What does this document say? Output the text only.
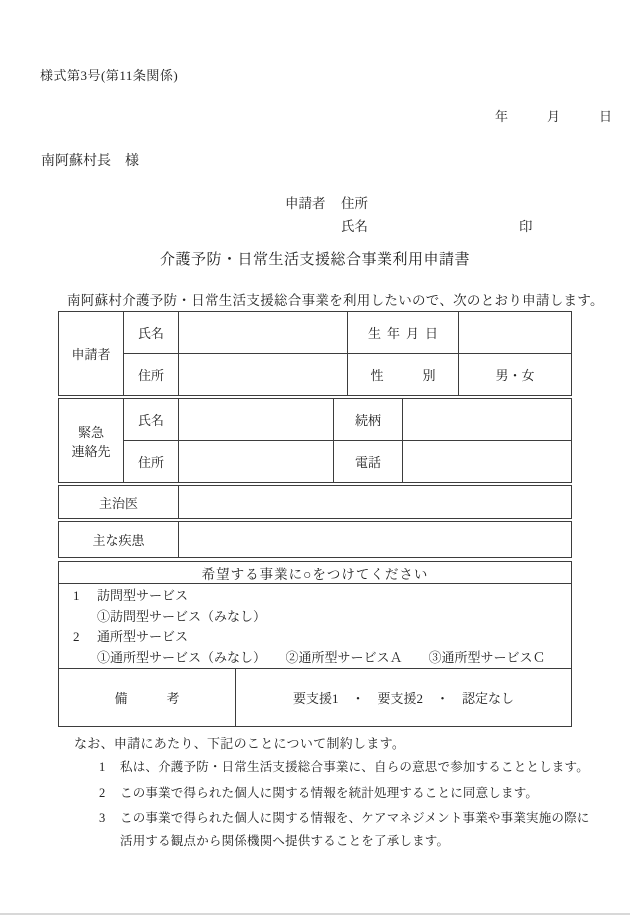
様式第3号(第11条関係)
年　　　月　　　日
南阿蘇村長　様
申請者 住所
氏名	印
介護予防・日常生活支援総合事業利用申請書
南阿蘇村介護予防・日常生活支援総合事業を利用したいので、次のとおり申請します。
申請者	氏名		生年月日	
	住所		性　　　別	男・女
緊急
連絡先	氏名		続柄	
	住所		電話	
主治医	
主な疾患	
希望する事業に○をつけてください

1 訪問型サービス
①訪問型サービス（みなし）
2 通所型サービス
①通所型サービス（みなし）　　②通所型サービスＡ　　③通所型サービスＣ

備　　　考	要支援1　・　要支援2　・　認定なし
なお、申請にあたり、下記のことについて制約します。
1	私は、介護予防・日常生活支援総合事業に、自らの意思で参加することとします。
2	この事業で得られた個人に関する情報を統計処理することに同意します。
3	この事業で得られた個人に関する情報を、ケアマネジメント事業や事業実施の際に活用する観点から関係機関へ提供することを了承します。
